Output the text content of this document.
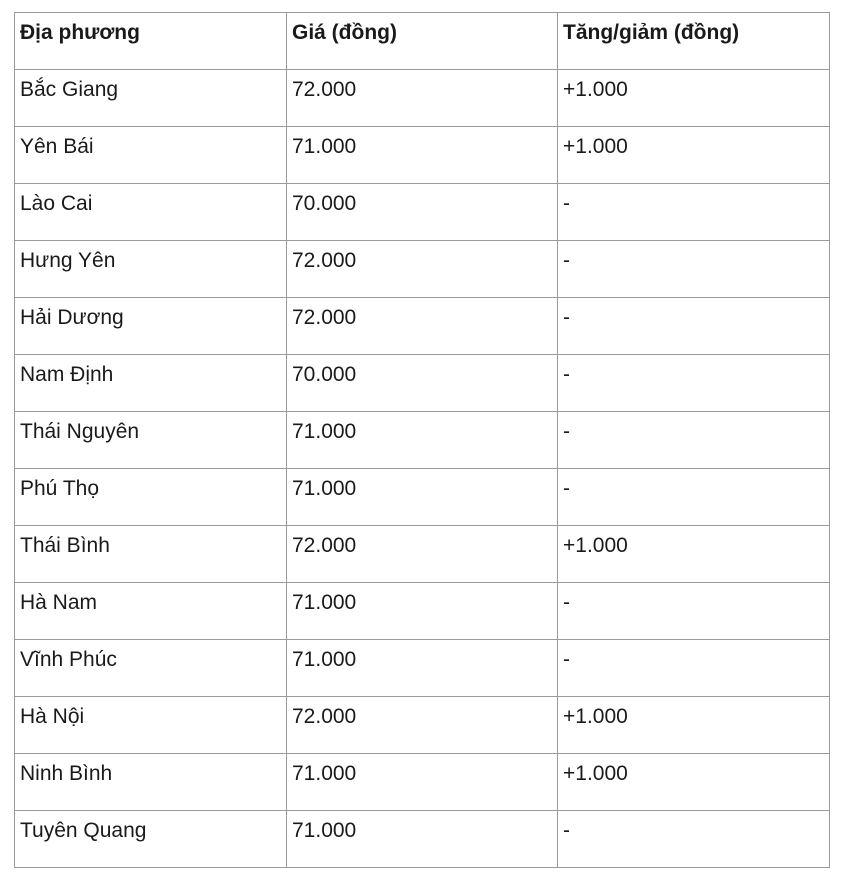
Địa phương	Giá (đồng)	Tăng/giảm (đồng)
Bắc Giang	72.000	+1.000
Yên Bái	71.000	+1.000
Lào Cai	70.000	-
Hưng Yên	72.000	-
Hải Dương	72.000	-
Nam Định	70.000	-
Thái Nguyên	71.000	-
Phú Thọ	71.000	-
Thái Bình	72.000	+1.000
Hà Nam	71.000	-
Vĩnh Phúc	71.000	-
Hà Nội	72.000	+1.000
Ninh Bình	71.000	+1.000
Tuyên Quang	71.000	-
